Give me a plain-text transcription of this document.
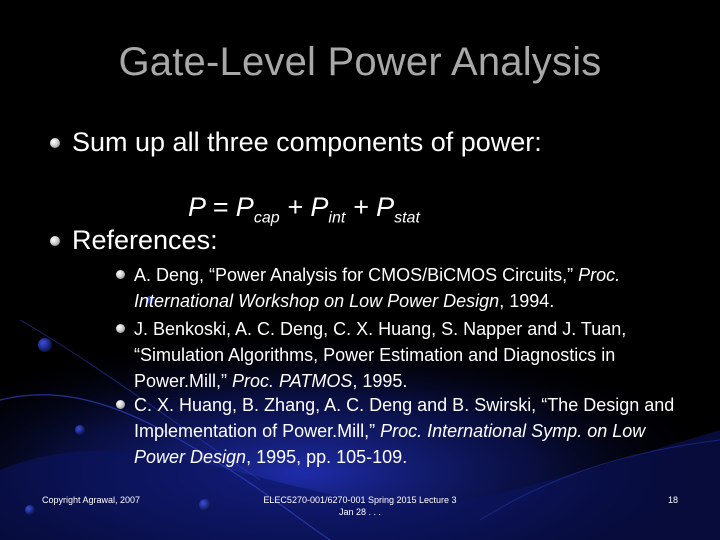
Gate-Level Power Analysis
Sum up all three components of power:
$P = P_{cap} + P_{int} + P_{stat}$
References:
A. Deng, “Power Analysis for CMOS/BiCMOS Circuits,” Proc. International Workshop on Low Power Design, 1994.
J. Benkoski, A. C. Deng, C. X. Huang, S. Napper and J. Tuan, “Simulation Algorithms, Power Estimation and Diagnostics in Power.Mill,” Proc. PATMOS, 1995.
C. X. Huang, B. Zhang, A. C. Deng and B. Swirski, “The Design and Implementation of Power.Mill,” Proc. International Symp. on Low Power Design, 1995, pp. 105-109.
Copyright Agrawal, 2007	ELEC5270-001/6270-001 Spring 2015 Lecture 3
Jan 28 . . .
18
